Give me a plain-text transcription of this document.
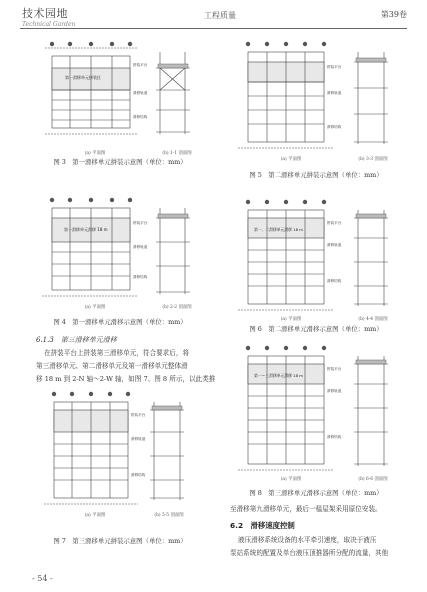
技术园地
Technical Garden
工程质量	第39卷
第一滑移单元拼装区
拼装平台
滑移轨道
滑移结构
(a) 平面图	(b) 1-1 剖面图
图 3　第一滑移单元拼装示意图（单位：mm）
第一滑移单元滑移 18 m
拼装平台
滑移轨道
滑移结构
(a) 平面图	(b) 2-2 剖面图
图 4　第一滑移单元滑移示意图（单位：mm）
6.1.3　第三滑移单元滑移
在拼装平台上拼装第三滑移单元，符合要求后，将
第三滑移单元、第二滑移单元及第一滑移单元整体滑
移 18 m 到 2-N 轴～2-W 轴，如图 7、图 8 所示，以此类推
拼装平台
滑移轨道
滑移结构
(a) 平面图	(b) 5-5 剖面图
图 7　第三滑移单元拼装示意图（单位：mm）
拼装平台
滑移轨道
滑移结构
(a) 平面图	(b) 3-3 剖面图
图 5　第二滑移单元拼装示意图（单位：mm）
第一、二滑移单元滑移 18 m
拼装平台
滑移轨道
滑移结构
(a) 平面图	(b) 4-4 剖面图
图 6　第二滑移单元滑移示意图（单位：mm）
第一～三滑移单元滑移 18 m
拼装平台
滑移轨道
滑移结构
(a) 平面图	(b) 6-6 剖面图
图 8　第三滑移单元滑移示意图（单位：mm）
至滑移第九滑移单元，最后一榀屋架采用原位安装。
6.2　滑移速度控制
液压滑移系统设备的水平牵引速度，取决于液压
泵站系统的配置及单台液压顶推器所分配的流量，其他
- 54 -
